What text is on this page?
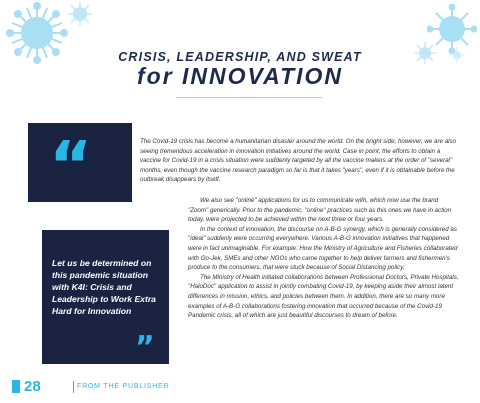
CRISIS, LEADERSHIP, AND SWEAT
for INNOVATION
“	The Covid-19 crisis has become a humanitarian disaster around the world. On the bright side, however, we are also seeing tremendous acceleration in innovation initiatives around the world. Case in point, the efforts to obtain a vaccine for Covid-19 in a crisis situation were suddenly targeted by all the vaccine makers at the order of "several" months, even though the vaccine research paradigm so far is that it takes "years", even if it is obtainable before the outbreak disappears by itself.

We also see "online" applications for us to communicate with, which now use the brand "Zoom" generically. Prior to the pandemic, "online" practices such as this ones we have in action today, were projected to be achieved within the next three or four years.

In the context of innovation, the discourse on A-B-G synergy, which is generally considered as "ideal" suddenly were occurring everywhere. Various A-B-G innovation initiatives that happened were in fact unimaginable. For example: How the Ministry of Agriculture and Fisheries collaborated with Go-Jek, SMEs and other NGOs who came together to help deliver farmers and fishermen's produce to the consumers, that were stuck because of Social Distancing policy.

The Ministry of Health initiated collaborations between Professional Doctors, Private Hospitals, "HaloDoc" application to assist in jointly combating Covid-19, by keeping aside their almost latent differences in mission, ethics, and policies between them. In addition, there are so many more examples of A-B-G collaborations fostering innovation that occurred because of the Covid-19 Pandemic crisis, all of which are just beautiful discourses to dream of before.

Let us be determined on this pandemic situation with K4I: Crisis and Leadership to Work Extra Hard for Innovation
”
28	FROM THE PUBLISHER
